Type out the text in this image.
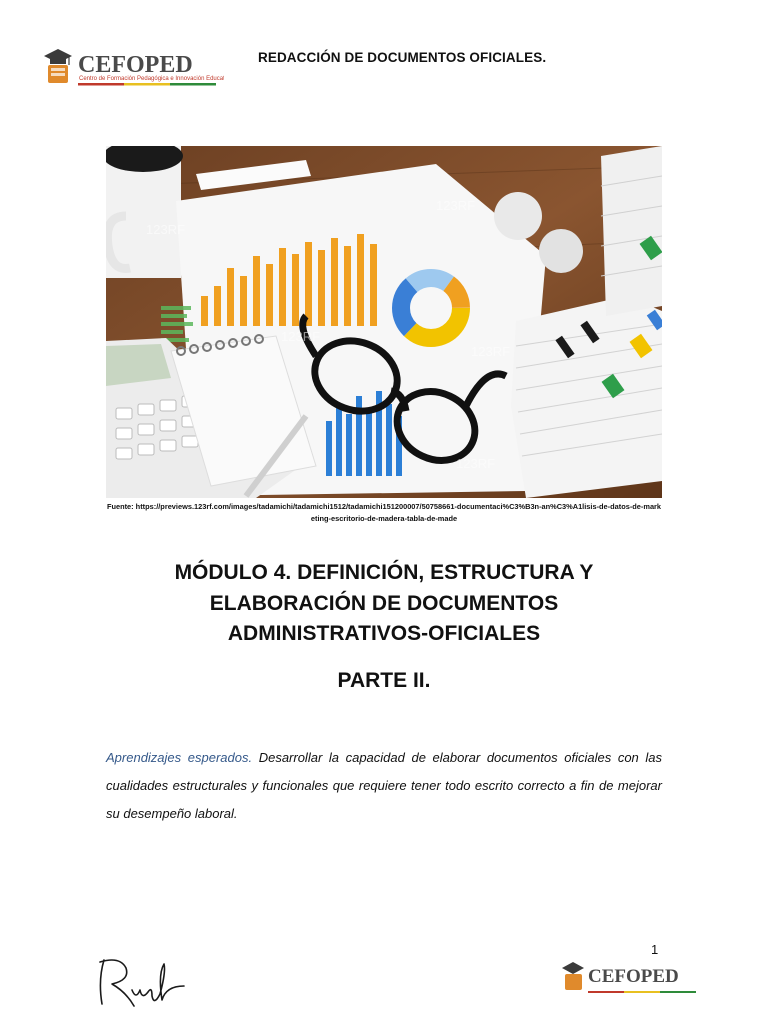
CEFOPED
Centro de Formación Pedagógica e Innovación Educativa
REDACCIÓN DE DOCUMENTOS OFICIALES.
123RF
123RF
123RF
123RF
123RF
Fuente: https://previews.123rf.com/images/tadamichi/tadamichi1512/tadamichi151200007/50758661-documentaci%C3%B3n-an%C3%A1lisis-de-datos-de-marketing-escritorio-de-madera-tabla-de-made
MÓDULO 4. DEFINICIÓN, ESTRUCTURA Y ELABORACIÓN DE DOCUMENTOS ADMINISTRATIVOS-OFICIALES
PARTE II.

Aprendizajes esperados. Desarrollar la capacidad de elaborar documentos oficiales con las cualidades estructurales y funcionales que requiere tener todo escrito correcto a fin de mejorar su desempeño laboral.

1
CEFOPED
